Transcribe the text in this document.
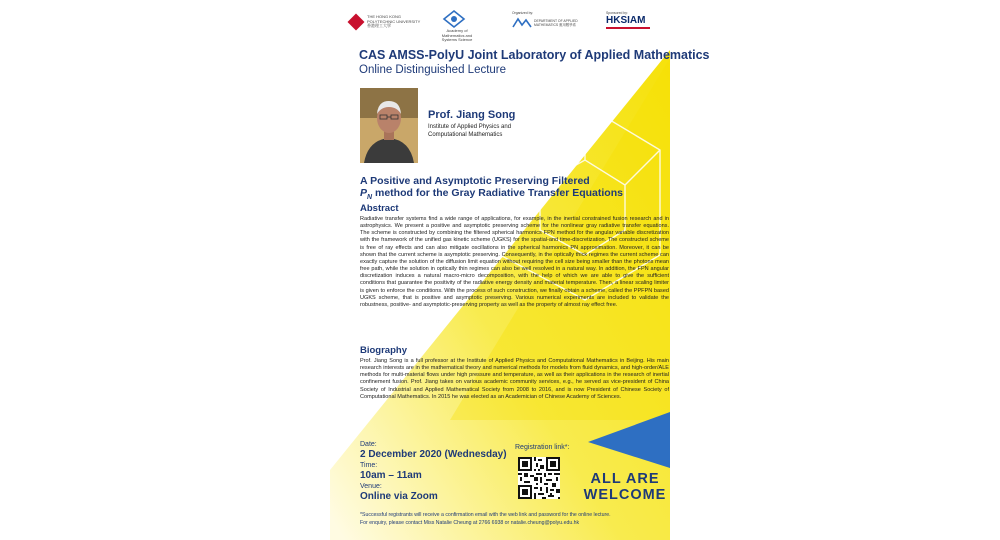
THE HONG KONG POLYTECHNIC UNIVERSITY 香港理工大學
Academy of Mathematics and Systems Science
Organized by:
DEPARTMENT OF APPLIED MATHEMATICS 應用數學系
Sponsored by:
HKSIAM
CAS AMSS-PolyU Joint Laboratory of Applied Mathematics
Online Distinguished Lecture
Prof. Jiang Song
Institute of Applied Physics and Computational Mathematics
A Positive and Asymptotic Preserving Filtered
$P_N$ method for the Gray Radiative Transfer Equations
Abstract
Radiative transfer systems find a wide range of applications, for example, in the inertial constrained fusion research and in astrophysics. We present a positive and asymptotic preserving scheme for the nonlinear gray radiative transfer equations. The scheme is constructed by combining the filtered spherical harmonics FPN method for the angular variable discretization with the framework of the unified gas kinetic scheme (UGKS) for the spatial-and time-discretization. The constructed scheme is free of ray effects and can also mitigate oscillations in the spherical harmonics PN approximation. Moreover, it can be shown that the current scheme is asymptotic preserving. Consequently, in the optically thick regimes the current scheme can exactly capture the solution of the diffusion limit equation without requiring the cell size being smaller than the photons mean free path, while the solution in optically thin regimes can also be well resolved in a natural way. In addition, the FPN angular discretization induces a natural macro-micro decomposition, with the help of which we are able to give the sufficient conditions that guarantee the positivity of the radiative energy density and material temperature. Then, a linear scaling limiter is given to enforce the conditions. With the process of such construction, we finally obtain a scheme, called the PPFPN based UGKS scheme, that is positive and asymptotic preserving. Various numerical experiments are included to validate the robustness, positive- and asymptotic-preserving property as well as the property of almost ray effect free.
Biography
Prof. Jiang Song is a full professor at the Institute of Applied Physics and Computational Mathematics in Beijing. His main research interests are in the mathematical theory and numerical methods for models from fluid dynamics, and high-order/ALE methods for multi-material flows under high pressure and temperature, as well as their applications in the research of inertial confinement fusion. Prof. Jiang takes on various academic community services, e.g., he served as vice-president of China Society of Industrial and Applied Mathematical Society from 2008 to 2016, and is now President of Chinese Society of Computational Mathematics. In 2015 he was elected as an Academician of Chinese Academy of Sciences.
Date:
2 December 2020 (Wednesday)
Time:
10am – 11am
Venue:
Online via Zoom
Registration link*:
ALL ARE
WELCOME
*Successful registrants will receive a confirmation email with the web link and password for the online lecture.
For enquiry, please contact Miss Natalie Cheung at 2766 6938 or natalie.cheung@polyu.edu.hk
